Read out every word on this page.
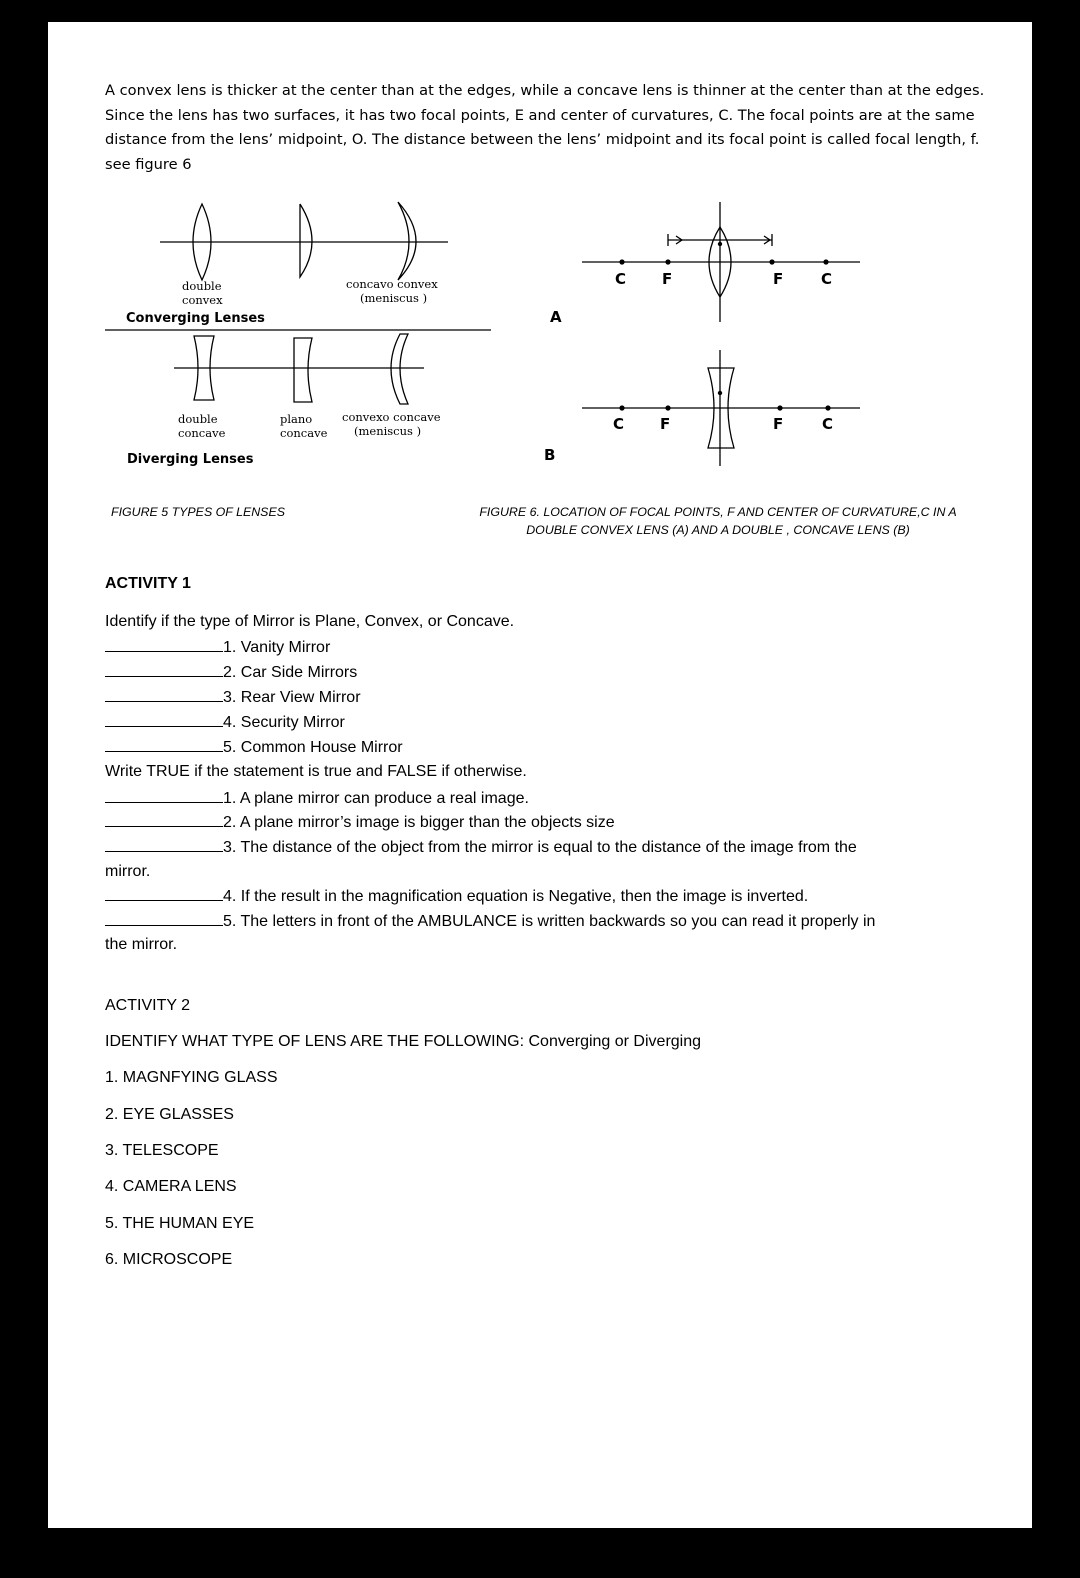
A convex lens is thicker at the center than at the edges, while a concave lens is thinner at the center than at the edges.

Since the lens has two surfaces, it has two focal points, E and center of curvatures, C. The focal points are at the same

distance from the lens’ midpoint, O. The distance between the lens’ midpoint and its focal point is called focal length, f.

see figure 6

double
convex
concavo convex
(meniscus )
double
concave
plano
concave
convexo concave
(meniscus )
Converging Lenses
Diverging Lenses
A
B
C F	F	C
C F	F	C
FIGURE 5 TYPES OF LENSES	FIGURE 6. LOCATION OF FOCAL POINTS, F AND CENTER OF CURVATURE,C IN A
DOUBLE CONVEX LENS (A) AND A DOUBLE , CONCAVE LENS (B)
ACTIVITY 1
Identify if the type of Mirror is Plane, Convex, or Concave.
1. Vanity Mirror
2. Car Side Mirrors
3. Rear View Mirror
4. Security Mirror
5. Common House Mirror
Write TRUE if the statement is true and FALSE if otherwise.
1. A plane mirror can produce a real image.
2. A plane mirror’s image is bigger than the objects size
3. The distance of the object from the mirror is equal to the distance of the image from the
mirror.
4. If the result in the magnification equation is Negative, then the image is inverted.
5. The letters in front of the AMBULANCE is written backwards so you can read it properly in
the mirror.
ACTIVITY 2
IDENTIFY WHAT TYPE OF LENS ARE THE FOLLOWING: Converging or Diverging
1. MAGNFYING GLASS
2. EYE GLASSES
3. TELESCOPE
4. CAMERA LENS
5. THE HUMAN EYE
6. MICROSCOPE
